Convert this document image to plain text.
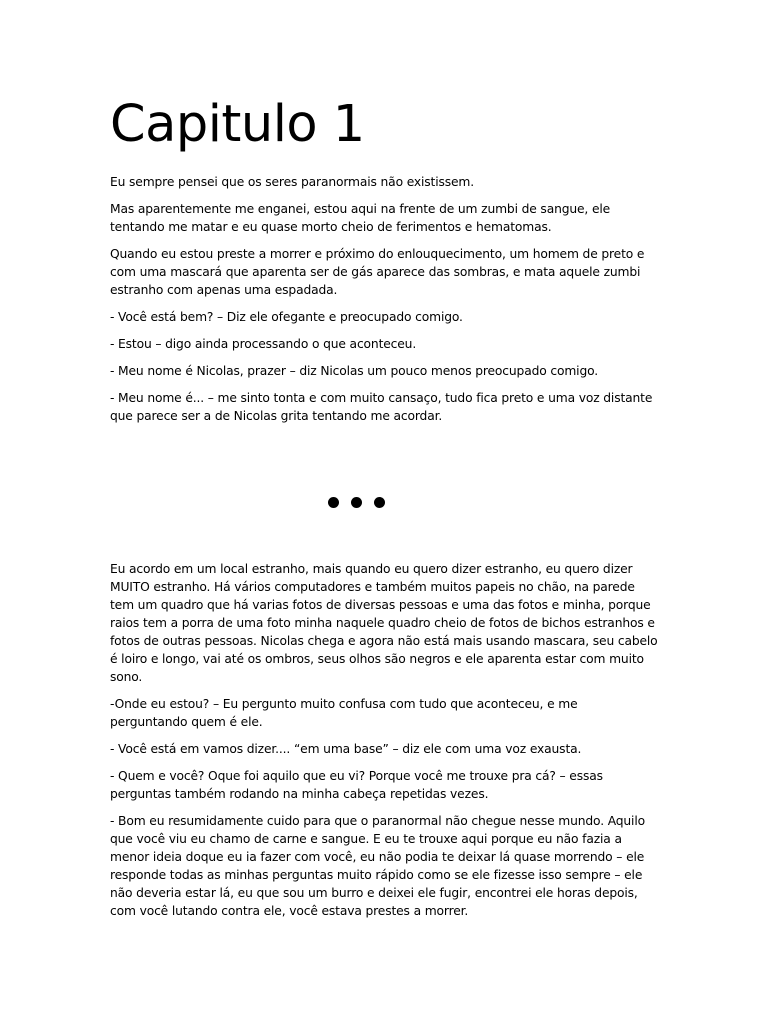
Capitulo 1

Eu sempre pensei que os seres paranormais não existissem.

Mas aparentemente me enganei, estou aqui na frente de um zumbi de sangue, ele tentando me matar e eu quase morto cheio de ferimentos e hematomas.

Quando eu estou preste a morrer e próximo do enlouquecimento, um homem de preto e com uma mascará que aparenta ser de gás aparece das sombras, e mata aquele zumbi estranho com apenas uma espadada.

- Você está bem? – Diz ele ofegante e preocupado comigo.

- Estou – digo ainda processando o que aconteceu.

- Meu nome é Nicolas, prazer – diz Nicolas um pouco menos preocupado comigo.

- Meu nome é... – me sinto tonta e com muito cansaço, tudo fica preto e uma voz distante que parece ser a de Nicolas grita tentando me acordar.

Eu acordo em um local estranho, mais quando eu quero dizer estranho, eu quero dizer MUITO estranho. Há vários computadores e também muitos papeis no chão, na parede tem um quadro que há varias fotos de diversas pessoas e uma das fotos e minha, porque raios tem a porra de uma foto minha naquele quadro cheio de fotos de bichos estranhos e fotos de outras pessoas. Nicolas chega e agora não está mais usando mascara, seu cabelo é loiro e longo, vai até os ombros, seus olhos são negros e ele aparenta estar com muito sono.

-Onde eu estou? – Eu pergunto muito confusa com tudo que aconteceu, e me perguntando quem é ele.

- Você está em vamos dizer.... “em uma base” – diz ele com uma voz exausta.

- Quem e você? Oque foi aquilo que eu vi? Porque você me trouxe pra cá? – essas perguntas também rodando na minha cabeça repetidas vezes.

- Bom eu resumidamente cuido para que o paranormal não chegue nesse mundo. Aquilo que você viu eu chamo de carne e sangue. E eu te trouxe aqui porque eu não fazia a menor ideia doque eu ia fazer com você, eu não podia te deixar lá quase morrendo – ele responde todas as minhas perguntas muito rápido como se ele fizesse isso sempre – ele não deveria estar lá, eu que sou um burro e deixei ele fugir, encontrei ele horas depois, com você lutando contra ele, você estava prestes a morrer.
